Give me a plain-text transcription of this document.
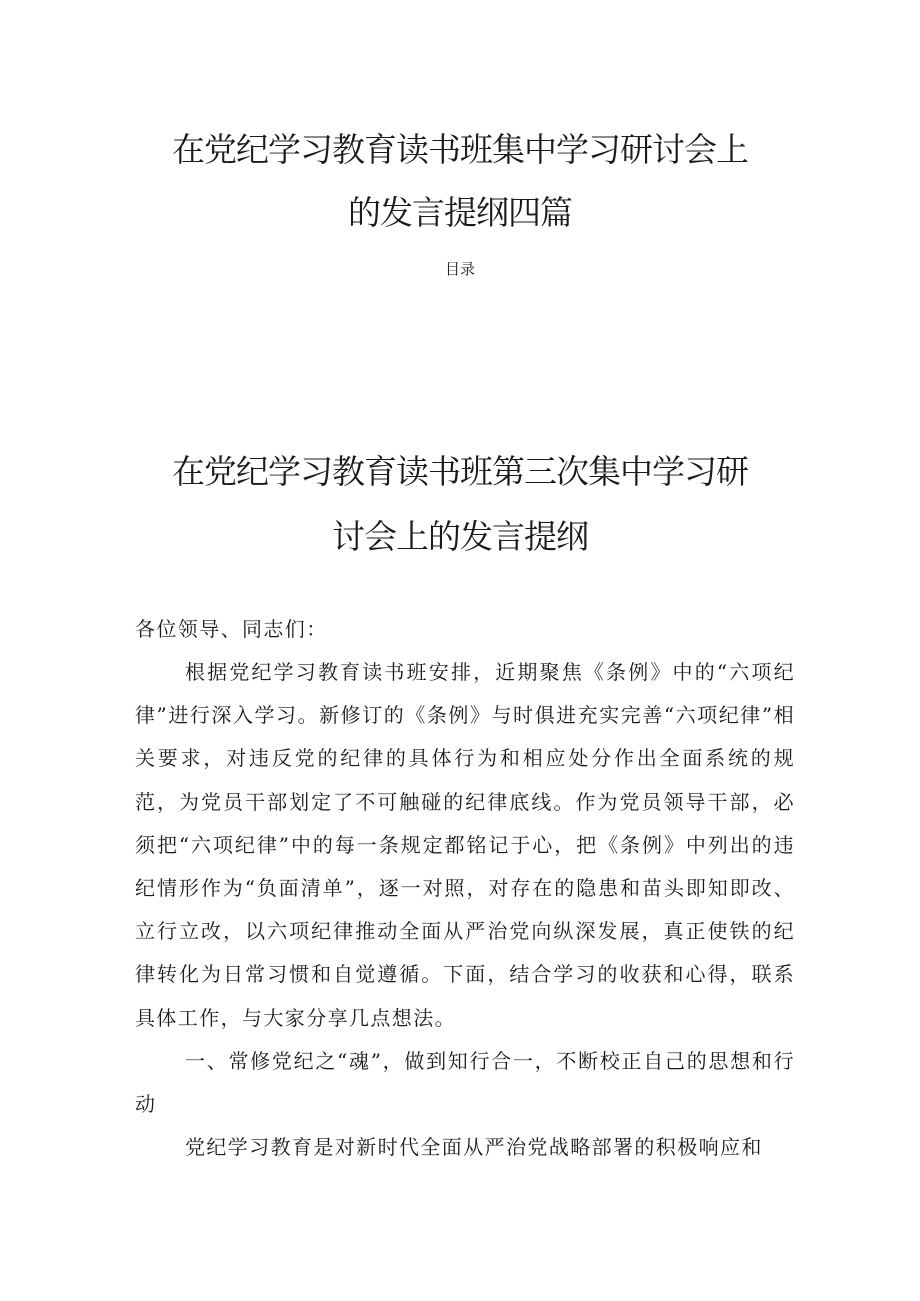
在党纪学习教育读书班集中学习研讨会上
的发言提纲四篇
目录
在党纪学习教育读书班第三次集中学习研
讨会上的发言提纲

各位领导、同志们：

根据党纪学习教育读书班安排，近期聚焦《条例》中的“六项纪律”进行深入学习。新修订的《条例》与时俱进充实完善“六项纪律”相关要求，对违反党的纪律的具体行为和相应处分作出全面系统的规范，为党员干部划定了不可触碰的纪律底线。作为党员领导干部，必须把“六项纪律”中的每一条规定都铭记于心，把《条例》中列出的违纪情形作为“负面清单”，逐一对照，对存在的隐患和苗头即知即改、立行立改，以六项纪律推动全面从严治党向纵深发展，真正使铁的纪律转化为日常习惯和自觉遵循。下面，结合学习的收获和心得，联系具体工作，与大家分享几点想法。

一、常修党纪之“魂”，做到知行合一，不断校正自己的思想和行动

党纪学习教育是对新时代全面从严治党战略部署的积极响应和
